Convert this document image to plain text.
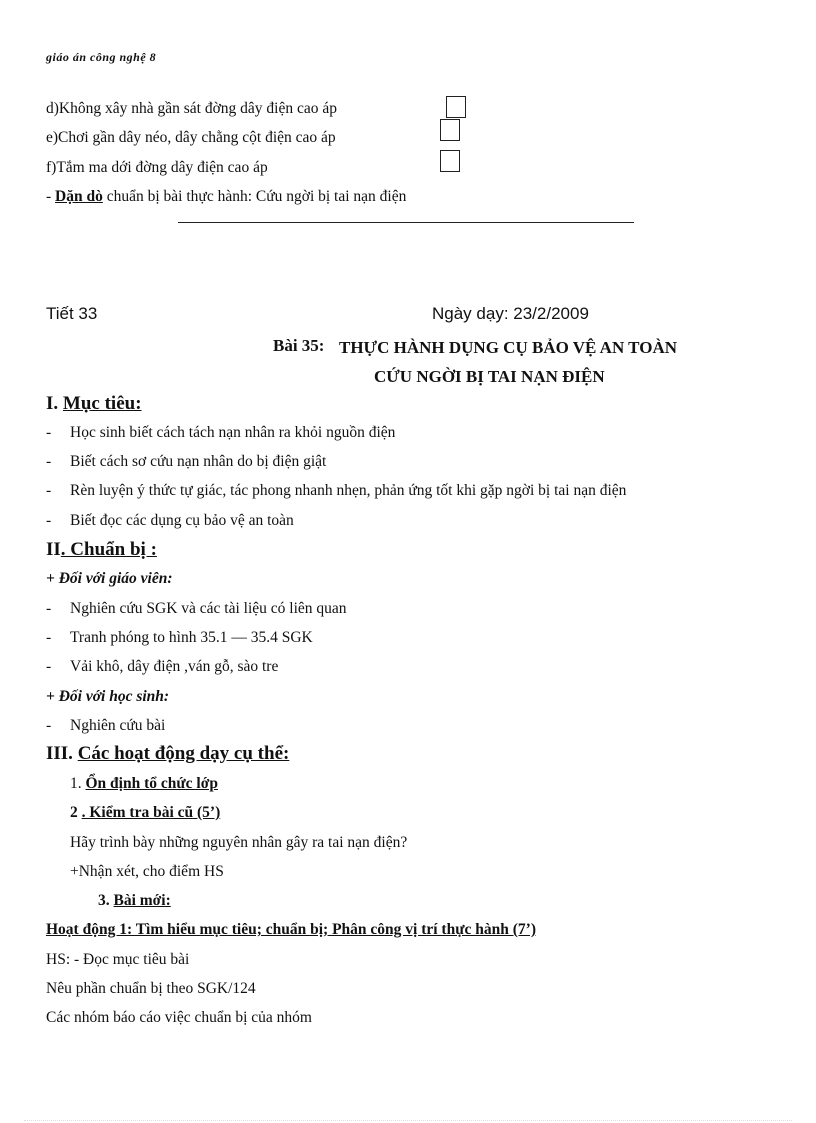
giáo án công nghệ 8
d)Không xây nhà gần sát đờng dây điện cao áp
e)Chơi gần dây néo, dây chằng cột điện cao áp
f)Tắm ma dới đờng dây điện cao áp
- Dặn dò chuẩn bị bài thực hành: Cứu ngời bị tai nạn điện
Tiết 33	Ngày dạy: 23/2/2009
Bài 35: THỰC HÀNH DỤNG CỤ BẢO VỆ AN TOÀN
CỨU NGỜI BỊ TAI NẠN ĐIỆN
I. Mục tiêu:
- Học sinh biết cách tách nạn nhân ra khỏi nguồn điện
- Biết cách sơ cứu nạn nhân do bị điện giật
- Rèn luyện ý thức tự giác, tác phong nhanh nhẹn, phản ứng tốt khi gặp ngời bị tai nạn điện
- Biết đọc các dụng cụ bảo vệ an toàn
II. Chuẩn bị :
+ Đối với giáo viên:
- Nghiên cứu SGK và các tài liệu có liên quan
- Tranh phóng to hình 35.1 — 35.4 SGK
- Vải khô, dây điện ,ván gỗ, sào tre
+ Đối với học sinh:
- Nghiên cứu bài
III. Các hoạt động dạy cụ thể:
1. Ổn định tổ chức lớp
2 . Kiểm tra bài cũ (5’)
Hãy trình bày những nguyên nhân gây ra tai nạn điện?
+Nhận xét, cho điểm HS
3. Bài mới:
Hoạt động 1: Tìm hiểu mục tiêu; chuẩn bị; Phân công vị trí thực hành (7’)
HS: - Đọc mục tiêu bài
Nêu phần chuẩn bị theo SGK/124
Các nhóm báo cáo việc chuẩn bị của nhóm
